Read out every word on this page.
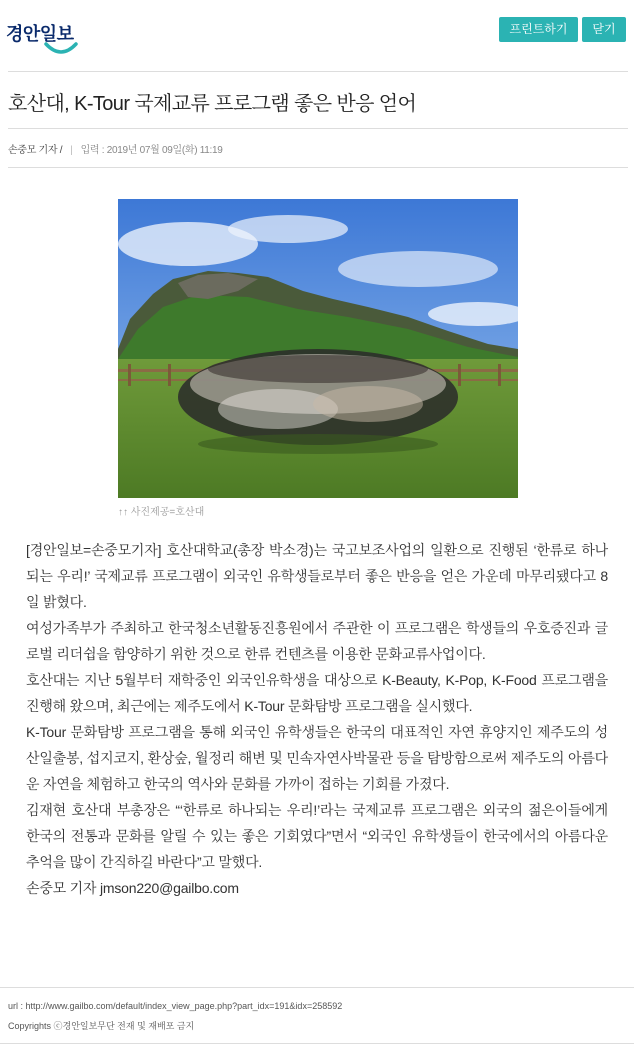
경안일보	프린트하기	닫기
호산대, K-Tour 국제교류 프로그램 좋은 반응 얻어
손중모 기자 / | 입력 : 2019년 07월 09일(화) 11:19
↑↑ 사진제공=호산대

[경안일보=손중모기자] 호산대학교(총장 박소경)는 국고보조사업의 일환으로 진행된 ‘한류로 하나되는 우리!’ 국제교류 프로그램이 외국인 유학생들로부터 좋은 반응을 얻은 가운데 마무리됐다고 8일 밝혔다.

여성가족부가 주최하고 한국청소년활동진흥원에서 주관한 이 프로그램은 학생들의 우호증진과 글로벌 리더쉽을 함양하기 위한 것으로 한류 컨텐츠를 이용한 문화교류사업이다.

호산대는 지난 5월부터 재학중인 외국인유학생을 대상으로 K-Beauty, K-Pop, K-Food 프로그램을 진행해 왔으며, 최근에는 제주도에서 K-Tour 문화탐방 프로그램을 실시했다.

K-Tour 문화탐방 프로그램을 통해 외국인 유학생들은 한국의 대표적인 자연 휴양지인 제주도의 성산일출봉, 섭지코지, 환상숲, 월정리 해변 및 민속자연사박물관 등을 탐방함으로써 제주도의 아름다운 자연을 체험하고 한국의 역사와 문화를 가까이 접하는 기회를 가졌다.

김재현 호산대 부총장은 “‘한류로 하나되는 우리!’라는 국제교류 프로그램은 외국의 젊은이들에게 한국의 전통과 문화를 알릴 수 있는 좋은 기회였다”면서 “외국인 유학생들이 한국에서의 아름다운 추억을 많이 간직하길 바란다”고 말했다.

손중모 기자 jmson220@gailbo.com

url : http://www.gailbo.com/default/index_view_page.php?part_idx=191&idx=258592
Copyrights ⓒ경안일보무단 전재 및 재배포 금지
